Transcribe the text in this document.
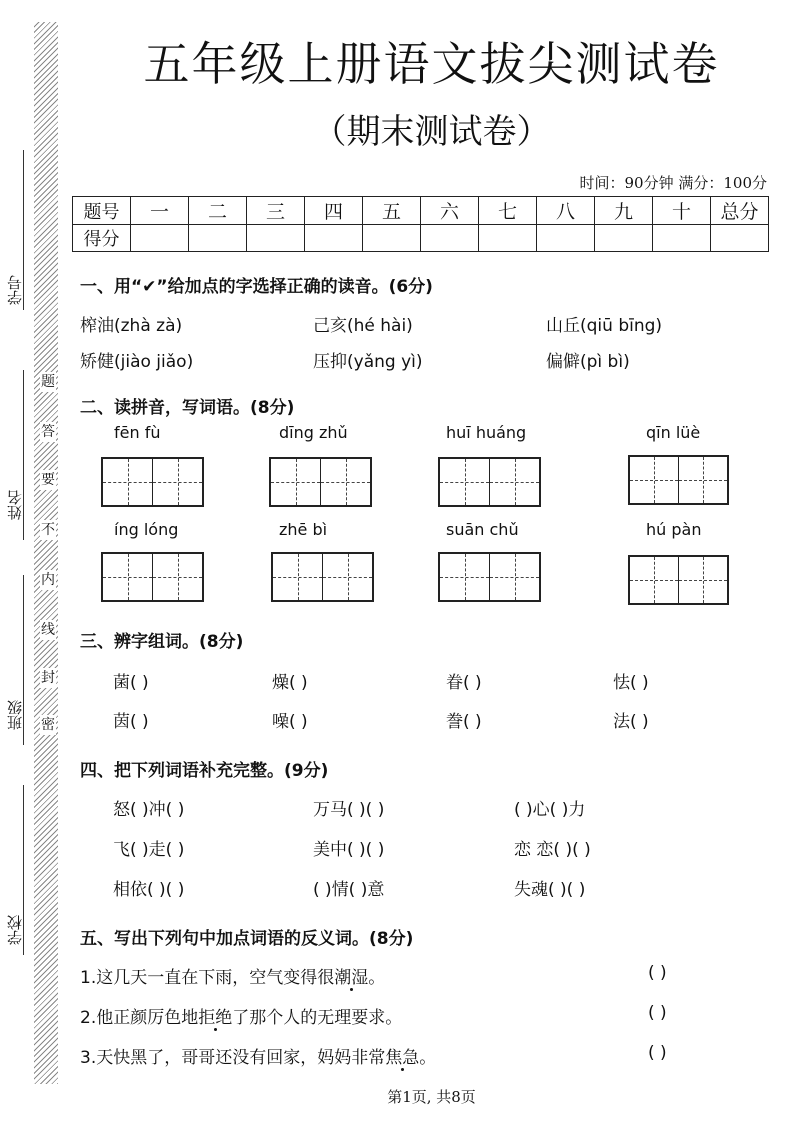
学号
姓名
班级
学校
题
答
要
不
内
线
封
密
五年级上册语文拔尖测试卷
（期末测试卷）
时间：90分钟 满分：100分
题号	一	二	三	四	五	六	七	八	九	十	总分
得分											
一、用“✔”给加点的字选择正确的读音。(6分)
榨油(zhà zà)	己亥(hé hài)	山丘(qiū bīng)
矫健(jiào jiǎo)	压抑(yǎng yì)	偏僻(pì bì)
二、读拼音，写词语。(8分)
fēn fù	dīng zhǔ	huī huáng	qīn lüè
íng lóng	zhē bì	suān chǔ	hú pàn
三、辨字组词。(8分)
菌( )	燥( )	眷( )	怯( )
茵( )	噪( )	誊( )	法( )
四、把下列词语补充完整。(9分)
怒( )冲( )	万马( )( )	( )心( )力
飞( )走( )	美中( )( )	恋 恋( )( )
相依( )( )	( )情( )意	失魂( )( )
五、写出下列句中加点词语的反义词。(8分)
1.这几天一直在下雨，空气变得很潮湿。	( )
2.他正颜厉色地拒绝了那个人的无理要求。	( )
3.天快黑了，哥哥还没有回家，妈妈非常焦急。	( )
第1页, 共8页
